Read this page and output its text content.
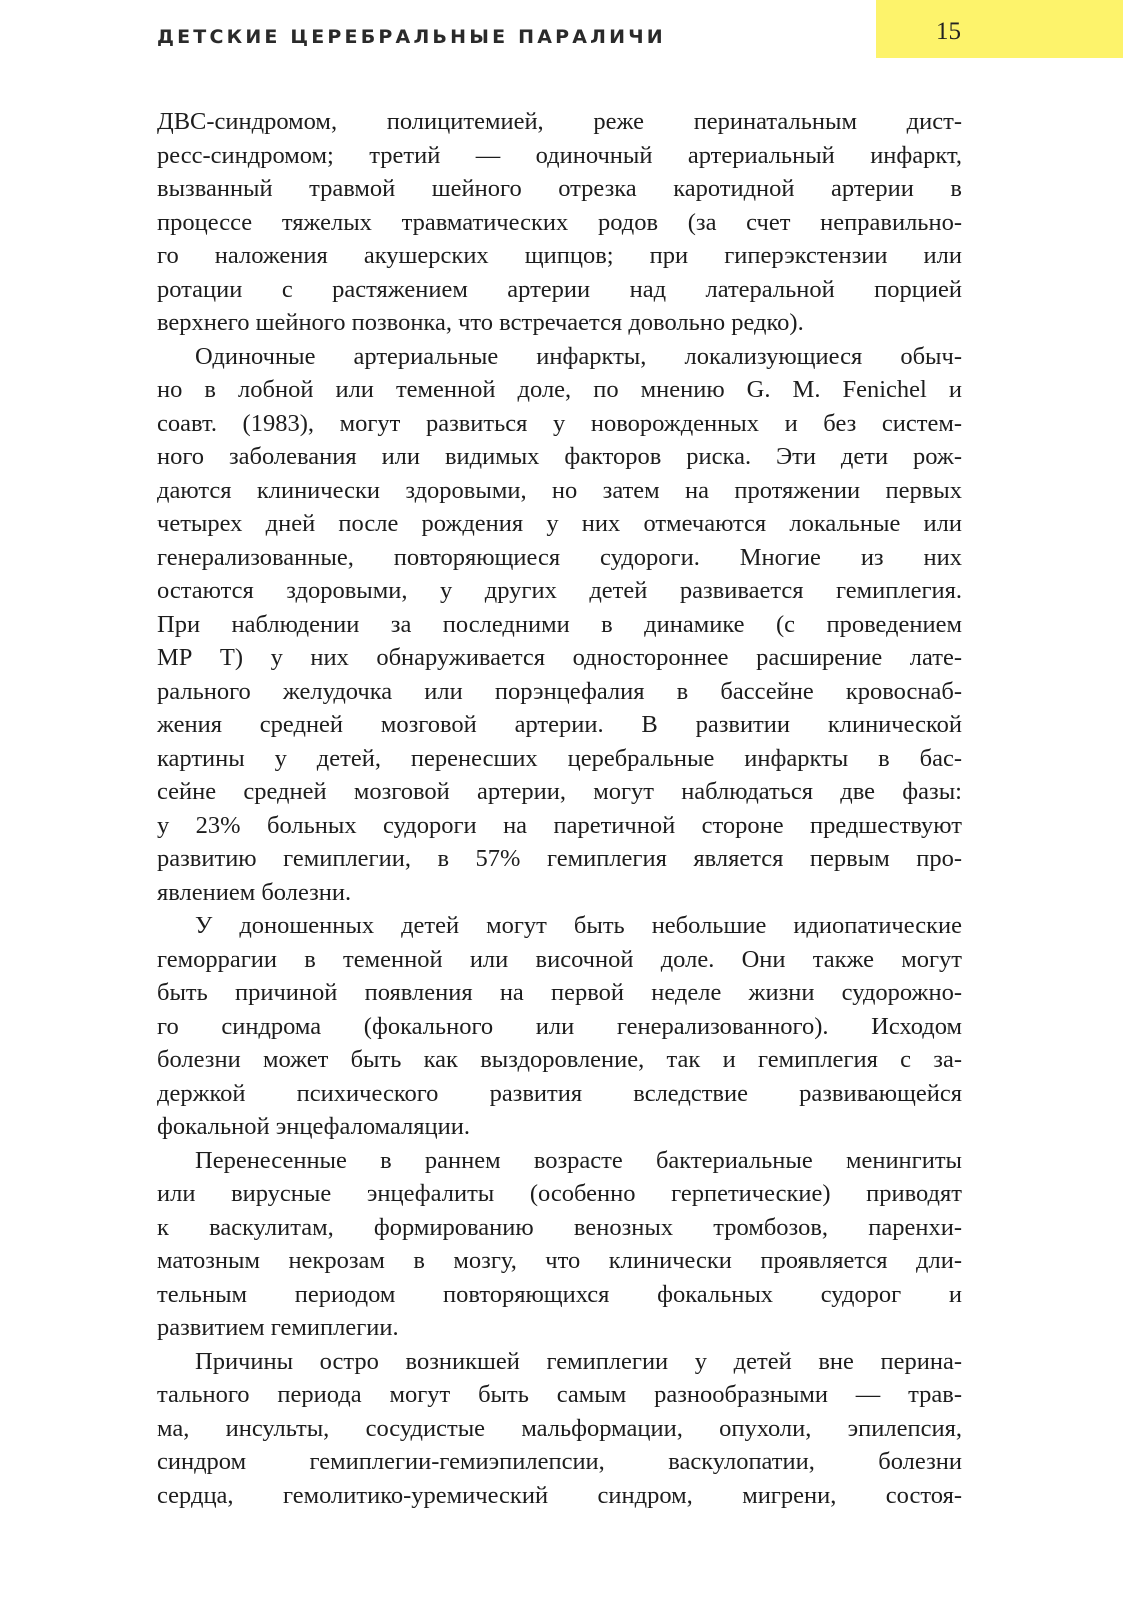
ДЕТСКИЕ ЦЕРЕБРАЛЬНЫЕ ПАРАЛИЧИ	15
ДВС-синдромом, полицитемией, реже перинатальным дист-
ресс-синдромом; третий — одиночный артериальный инфаркт,
вызванный травмой шейного отрезка каротидной артерии в
процессе тяжелых травматических родов (за счет неправильно-
го наложения акушерских щипцов; при гиперэкстензии или
ротации с растяжением артерии над латеральной порцией
верхнего шейного позвонка, что встречается довольно редко).
Одиночные артериальные инфаркты, локализующиеся обыч-
но в лобной или теменной доле, по мнению G. M. Fenichel и
соавт. (1983), могут развиться у новорожденных и без систем-
ного заболевания или видимых факторов риска. Эти дети рож-
даются клинически здоровыми, но затем на протяжении первых
четырех дней после рождения у них отмечаются локальные или
генерализованные, повторяющиеся судороги. Многие из них
остаются здоровыми, у других детей развивается гемиплегия.
При наблюдении за последними в динамике (с проведением
МР Т) у них обнаруживается одностороннее расширение лате-
рального желудочка или порэнцефалия в бассейне кровоснаб-
жения средней мозговой артерии. В развитии клинической
картины у детей, перенесших церебральные инфаркты в бас-
сейне средней мозговой артерии, могут наблюдаться две фазы:
у 23% больных судороги на паретичной стороне предшествуют
развитию гемиплегии, в 57% гемиплегия является первым про-
явлением болезни.
У доношенных детей могут быть небольшие идиопатические
геморрагии в теменной или височной доле. Они также могут
быть причиной появления на первой неделе жизни судорожно-
го синдрома (фокального или генерализованного). Исходом
болезни может быть как выздоровление, так и гемиплегия с за-
держкой психического развития вследствие развивающейся
фокальной энцефаломаляции.
Перенесенные в раннем возрасте бактериальные менингиты
или вирусные энцефалиты (особенно герпетические) приводят
к васкулитам, формированию венозных тромбозов, паренхи-
матозным некрозам в мозгу, что клинически проявляется дли-
тельным периодом повторяющихся фокальных судорог и
развитием гемиплегии.
Причины остро возникшей гемиплегии у детей вне перина-
тального периода могут быть самым разнообразными — трав-
ма, инсульты, сосудистые мальформации, опухоли, эпилепсия,
синдром гемиплегии-гемиэпилепсии, васкулопатии, болезни
сердца, гемолитико-уремический синдром, мигрени, состоя-
